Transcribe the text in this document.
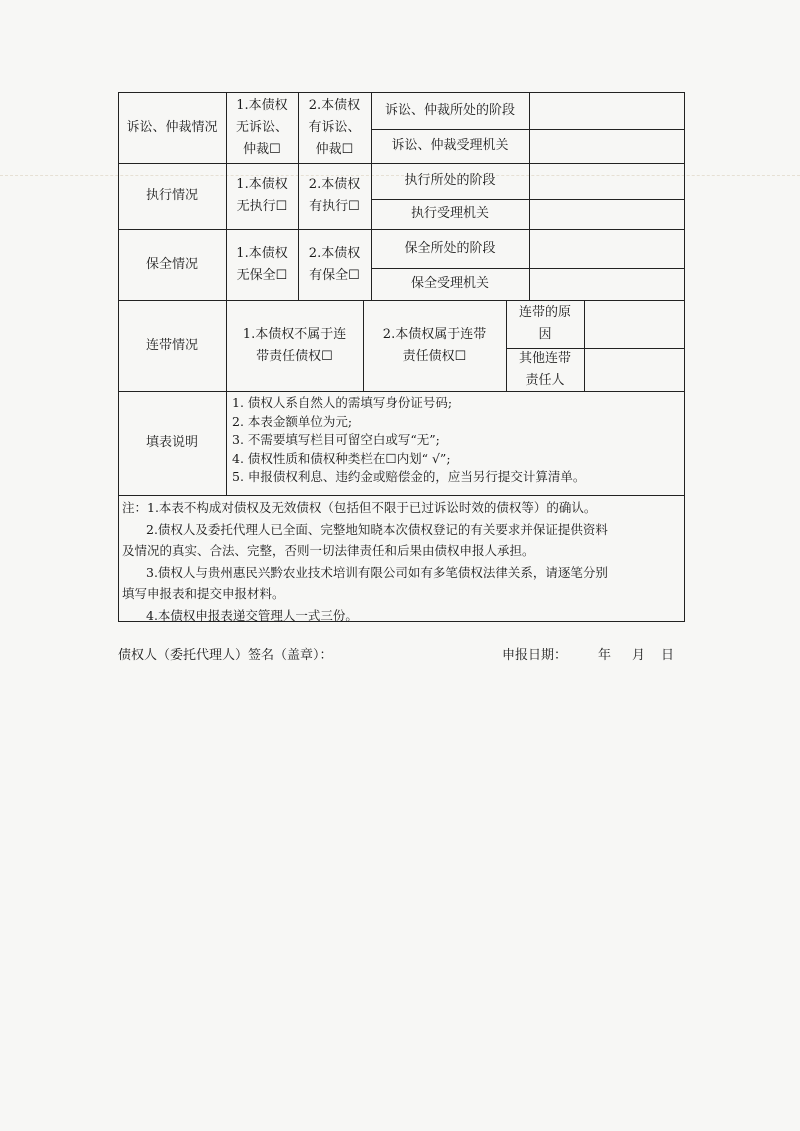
诉讼、仲裁情况
1.本债权
无诉讼、
仲裁☐
2.本债权
有诉讼、
仲裁☐
诉讼、仲裁所处的阶段
诉讼、仲裁受理机关
执行情况
1.本债权
无执行☐
2.本债权
有执行☐
执行所处的阶段
执行受理机关
保全情况
1.本债权
无保全☐
2.本债权
有保全☐
保全所处的阶段
保全受理机关
连带情况
1.本债权不属于连
带责任债权☐
2.本债权属于连带
责任债权☐
连带的原
因
其他连带
责任人
填表说明
1. 债权人系自然人的需填写身份证号码;
2. 本表金额单位为元;
3. 不需要填写栏目可留空白或写“无”;
4. 债权性质和债权种类栏在☐内划“ √”;
5. 申报债权利息、违约金或赔偿金的，应当另行提交计算清单。
注：1.本表不构成对债权及无效债权（包括但不限于已过诉讼时效的债权等）的确认。
2.债权人及委托代理人已全面、完整地知晓本次债权登记的有关要求并保证提供资料
及情况的真实、合法、完整，否则一切法律责任和后果由债权申报人承担。
3.债权人与贵州惠民兴黔农业技术培训有限公司如有多笔债权法律关系，请逐笔分别
填写申报表和提交申报材料。
4.本债权申报表递交管理人一式三份。
债权人（委托代理人）签名（盖章）：	申报日期： 年 月 日
